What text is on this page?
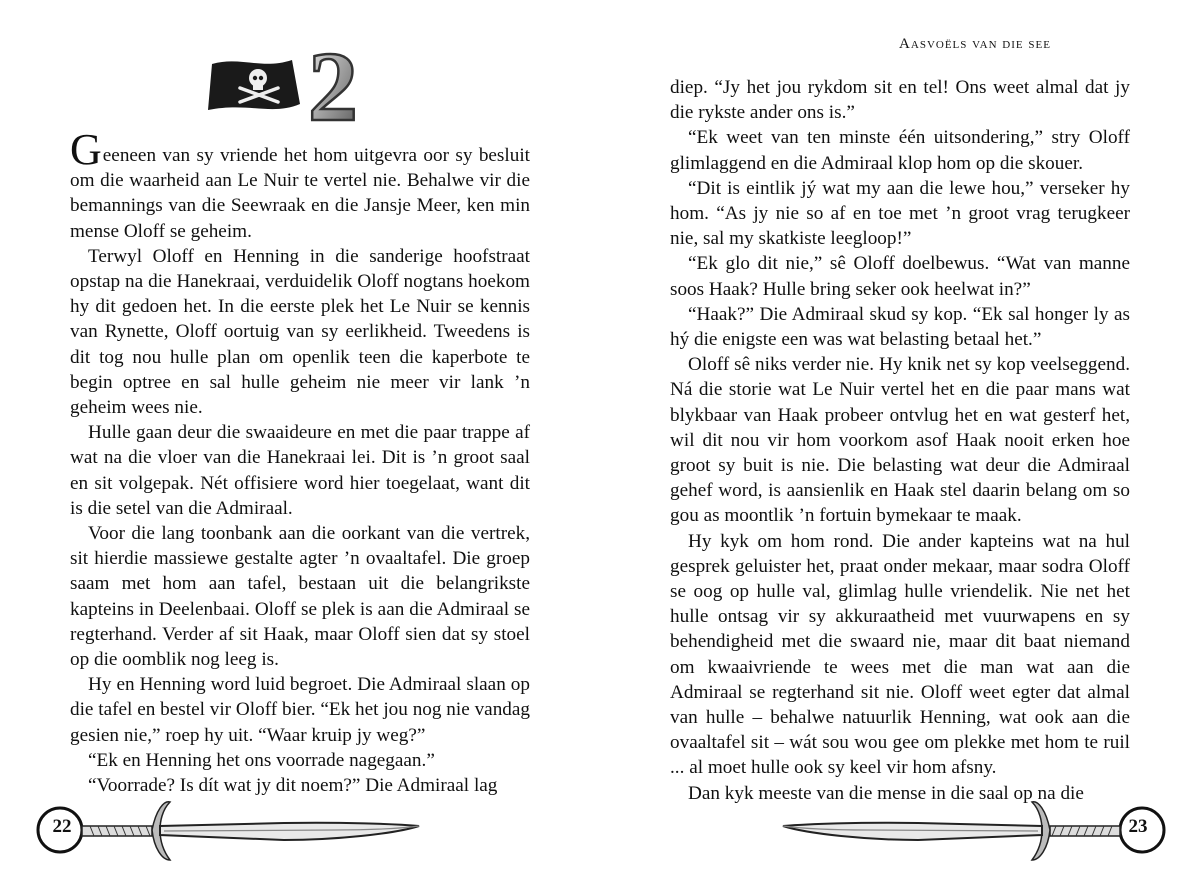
2

Geeneen van sy vriende het hom uitgevra oor sy besluit om die waarheid aan Le Nuir te vertel nie. Behalwe vir die bemannings van die Seewraak en die Jansje Meer, ken min mense Oloff se geheim.

Terwyl Oloff en Henning in die sanderige hoofstraat opstap na die Hanekraai, verduidelik Oloff nogtans hoekom hy dit gedoen het. In die eerste plek het Le Nuir se kennis van Rynette, Oloff oortuig van sy eerlikheid. Tweedens is dit tog nou hulle plan om openlik teen die kaperbote te begin optree en sal hulle geheim nie meer vir lank ’n geheim wees nie.

Hulle gaan deur die swaaideure en met die paar trappe af wat na die vloer van die Hanekraai lei. Dit is ’n groot saal en sit volgepak. Nét offisiere word hier toegelaat, want dit is die setel van die Admiraal.

Voor die lang toonbank aan die oorkant van die vertrek, sit hierdie massiewe gestalte agter ’n ovaaltafel. Die groep saam met hom aan tafel, bestaan uit die belangrikste kapteins in Deelenbaai. Oloff se plek is aan die Admiraal se regterhand. Verder af sit Haak, maar Oloff sien dat sy stoel op die oomblik nog leeg is.

Hy en Henning word luid begroet. Die Admiraal slaan op die tafel en bestel vir Oloff bier. “Ek het jou nog nie vandag gesien nie,” roep hy uit. “Waar kruip jy weg?”

“Ek en Henning het ons voorrade nagegaan.”

“Voorrade? Is dít wat jy dit noem?” Die Admiraal lag

22
Aasvoëls van die see

diep. “Jy het jou rykdom sit en tel! Ons weet almal dat jy die rykste ander ons is.”

“Ek weet van ten minste één uitsondering,” stry Oloff glimlaggend en die Admiraal klop hom op die skouer.

“Dit is eintlik jý wat my aan die lewe hou,” verseker hy hom. “As jy nie so af en toe met ’n groot vrag terugkeer nie, sal my skatkiste leegloop!”

“Ek glo dit nie,” sê Oloff doelbewus. “Wat van manne soos Haak? Hulle bring seker ook heelwat in?”

“Haak?” Die Admiraal skud sy kop. “Ek sal honger ly as hý die enigste een was wat belasting betaal het.”

Oloff sê niks verder nie. Hy knik net sy kop veelseggend. Ná die storie wat Le Nuir vertel het en die paar mans wat blykbaar van Haak probeer ontvlug het en wat gesterf het, wil dit nou vir hom voorkom asof Haak nooit erken hoe groot sy buit is nie. Die belasting wat deur die Admiraal gehef word, is aansienlik en Haak stel daarin belang om so gou as moontlik ’n fortuin bymekaar te maak.

Hy kyk om hom rond. Die ander kapteins wat na hul gesprek geluister het, praat onder mekaar, maar sodra Oloff se oog op hulle val, glimlag hulle vriendelik. Nie net het hulle ontsag vir sy akkuraatheid met vuurwapens en sy behendigheid met die swaard nie, maar dit baat niemand om kwaaivriende te wees met die man wat aan die Admiraal se regterhand sit nie. Oloff weet egter dat almal van hulle – behalwe natuurlik Henning, wat ook aan die ovaaltafel sit – wát sou wou gee om plekke met hom te ruil ... al moet hulle ook sy keel vir hom afsny.

Dan kyk meeste van die mense in die saal op na die

23
